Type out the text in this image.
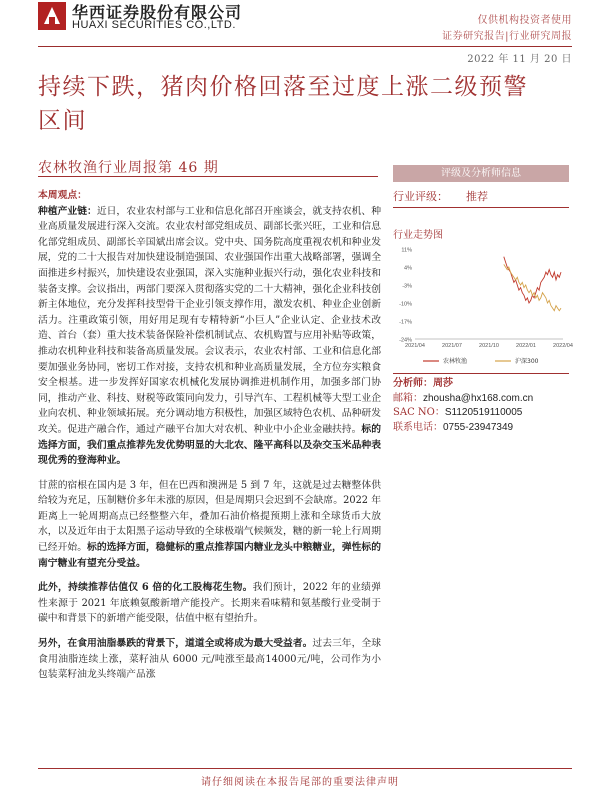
华西证券股份有限公司
HUAXI SECURITIES CO.,LTD.	仅供机构投资者使用
证券研究报告|行业研究周报
2022 年 11 月 20 日
持续下跌，猪肉价格回落至过度上涨二级预警
区间
农林牧渔行业周报第 46 期
本周观点：
种植产业链：近日，农业农村部与工业和信息化部召开座谈会，就支持农机、种业高质量发展进行深入交流。农业农村部党组成员、副部长张兴旺，工业和信息化部党组成员、副部长辛国斌出席会议。党中央、国务院高度重视农机和种业发展，党的二十大报告对加快建设制造强国、农业强国作出重大战略部署，强调全面推进乡村振兴，加快建设农业强国，深入实施种业振兴行动，强化农业科技和装备支撑。会议指出，两部门要深入贯彻落实党的二十大精神，强化企业科技创新主体地位，充分发挥科技型骨干企业引领支撑作用，激发农机、种业企业创新活力。注重政策引领，用好用足现有专精特新“小巨人”企业认定、企业技术改造、首台（套）重大技术装备保险补偿机制试点、农机购置与应用补贴等政策，推动农机种业科技和装备高质量发展。会议表示，农业农村部、工业和信息化部要加强业务协同，密切工作对接，支持农机和种业高质量发展，全方位夯实粮食安全根基。进一步发挥好国家农机械化发展协调推进机制作用，加强多部门协同，推动产业、科技、财税等政策同向发力，引导汽车、工程机械等大型工业企业向农机、种业领域拓展。充分调动地方积极性，加强区域特色农机、品种研发攻关。促进产融合作，通过产融平台加大对农机、种业中小企业金融扶持。标的选择方面，我们重点推荐先发优势明显的大北农、隆平高科以及杂交玉米品种表现优秀的登海种业。
甘蔗的宿根在国内是 3 年，但在巴西和澳洲是 5 到 7 年，这就是过去糖整体供给较为充足，压制糖价多年未涨的原因，但是周期只会迟到不会缺席。2022 年距离上一轮周期高点已经整整六年，叠加石油价格提预期上涨和全球货币大放水，以及近年由于太阳黑子运动导致的全球极端气候频发，糖的新一轮上行周期已经开始。标的选择方面，稳健标的重点推荐国内糖业龙头中粮糖业，弹性标的南宁糖业有望充分受益。
此外，持续推荐估值仅 6 倍的化工股梅花生物。我们预计，2022 年的业绩弹性来源于 2021 年底赖氨酸新增产能投产。长期来看味精和氨基酸行业受制于碳中和背景下的新增产能受限，估值中枢有望抬升。
另外，在食用油脂暴跌的背景下，道道全或将成为最大受益者。过去三年，全球食用油脂连续上涨，菜籽油从 6000 元/吨涨至最高14000元/吨，公司作为小包装菜籽油龙头终端产品涨
评级及分析师信息
行业评级： 推荐
行业走势图
11%
4%
-3%
-10%
-17%
-24%
2021/04	2021/07	2021/10	2022/01	2022/04
农林牧渔	沪深300
分析师：周莎
邮箱：zhousha@hx168.com.cn
SAC NO：S1120519110005
联系电话：0755-23947349
请仔细阅读在本报告尾部的重要法律声明
